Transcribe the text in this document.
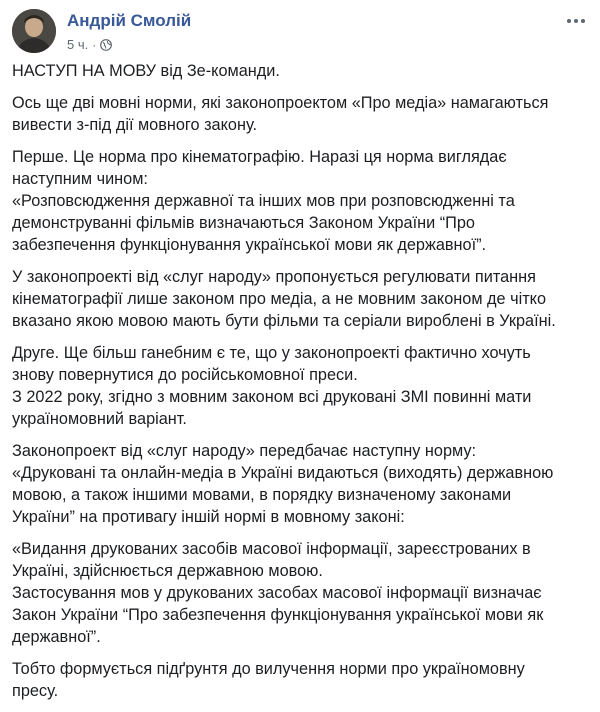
Андрій Смолій
5 ч. ·

НАСТУП НА МОВУ від Зе-команди.

Ось ще дві мовні норми, які законопроектом «Про медіа» намагаються
вивести з-під дії мовного закону.

Перше. Це норма про кінематографію. Наразі ця норма виглядає
наступним чином:
«Розповсюдження державної та інших мов при розповсюдженні та
демонструванні фільмів визначаються Законом України “Про
забезпечення функціонування української мови як державної”.

У законопроекті від «слуг народу» пропонується регулювати питання
кінематографії лише законом про медіа, а не мовним законом де чітко
вказано якою мовою мають бути фільми та серіали вироблені в Україні.

Друге. Ще більш ганебним є те, що у законопроекті фактично хочуть
знову повернутися до російськомовної преси.
З 2022 року, згідно з мовним законом всі друковані ЗМІ повинні мати
україномовний варіант.

Законопроект від «слуг народу» передбачає наступну норму:
«Друковані та онлайн-медіа в Україні видаються (виходять) державною
мовою, а також іншими мовами, в порядку визначеному законами
України” на противагу іншій нормі в мовному законі:

«Видання друкованих засобів масової інформації, зареєстрованих в
Україні, здійснюється державною мовою.
Застосування мов у друкованих засобах масової інформації визначає
Закон України “Про забезпечення функціонування української мови як
державної”.

Тобто формується підґрунтя до вилучення норми про україномовну
пресу.
